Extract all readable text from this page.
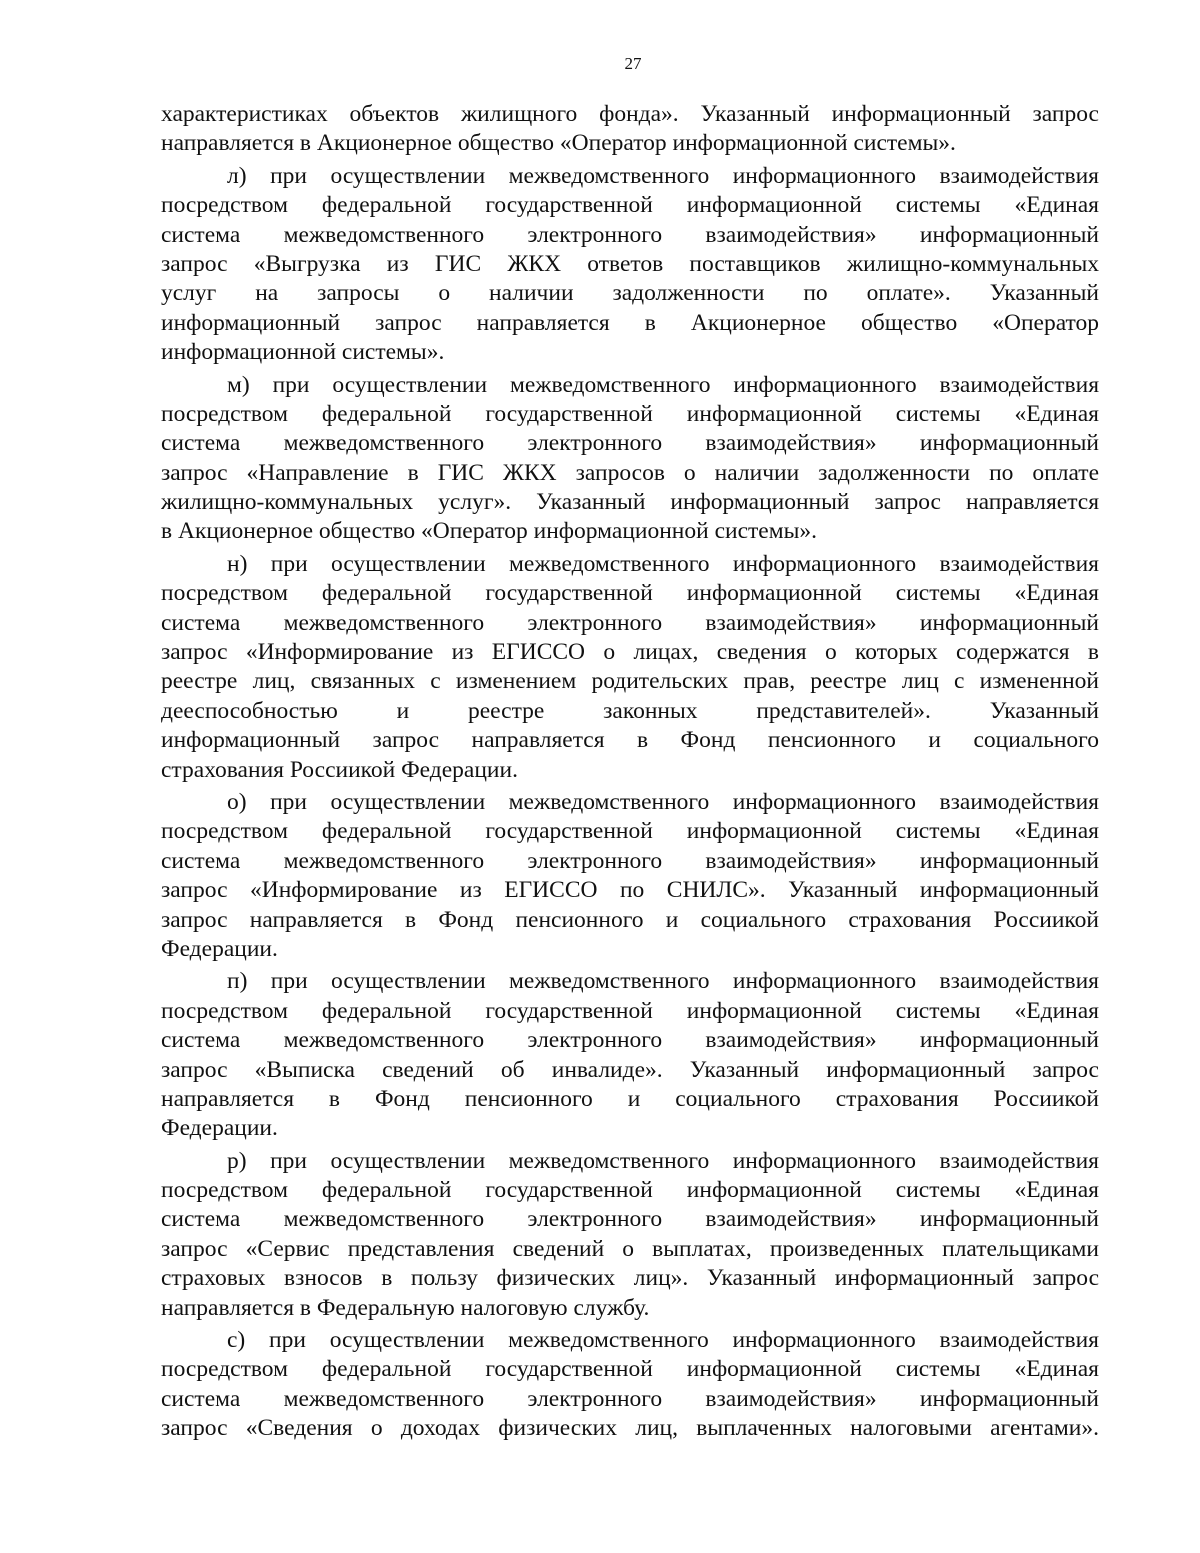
27
характеристиках объектов жилищного фонда». Указанный информационный запрос
направляется в Акционерное общество «Оператор информационной системы».
л) при осуществлении межведомственного информационного взаимодействия
посредством федеральной государственной информационной системы «Единая
система межведомственного электронного взаимодействия» информационный
запрос «Выгрузка из ГИС ЖКХ ответов поставщиков жилищно-коммунальных
услуг на запросы о наличии задолженности по оплате». Указанный
информационный запрос направляется в Акционерное общество «Оператор
информационной системы».
м) при осуществлении межведомственного информационного взаимодействия
посредством федеральной государственной информационной системы «Единая
система межведомственного электронного взаимодействия» информационный
запрос «Направление в ГИС ЖКХ запросов о наличии задолженности по оплате
жилищно-коммунальных услуг». Указанный информационный запрос направляется
в Акционерное общество «Оператор информационной системы».
н) при осуществлении межведомственного информационного взаимодействия
посредством федеральной государственной информационной системы «Единая
система межведомственного электронного взаимодействия» информационный
запрос «Информирование из ЕГИССО о лицах, сведения о которых содержатся в
реестре лиц, связанных с изменением родительских прав, реестре лиц с измененной
дееспособностью и реестре законных представителей». Указанный
информационный запрос направляется в Фонд пенсионного и социального
страхования Россиикой Федерации.
о) при осуществлении межведомственного информационного взаимодействия
посредством федеральной государственной информационной системы «Единая
система межведомственного электронного взаимодействия» информационный
запрос «Информирование из ЕГИССО по СНИЛС». Указанный информационный
запрос направляется в Фонд пенсионного и социального страхования Россиикой
Федерации.
п) при осуществлении межведомственного информационного взаимодействия
посредством федеральной государственной информационной системы «Единая
система межведомственного электронного взаимодействия» информационный
запрос «Выписка сведений об инвалиде». Указанный информационный запрос
направляется в Фонд пенсионного и социального страхования Россиикой
Федерации.
р) при осуществлении межведомственного информационного взаимодействия
посредством федеральной государственной информационной системы «Единая
система межведомственного электронного взаимодействия» информационный
запрос «Сервис представления сведений о выплатах, произведенных плательщиками
страховых взносов в пользу физических лиц». Указанный информационный запрос
направляется в Федеральную налоговую службу.
с) при осуществлении межведомственного информационного взаимодействия
посредством федеральной государственной информационной системы «Единая
система межведомственного электронного взаимодействия» информационный
запрос «Сведения о доходах физических лиц, выплаченных налоговыми агентами».
